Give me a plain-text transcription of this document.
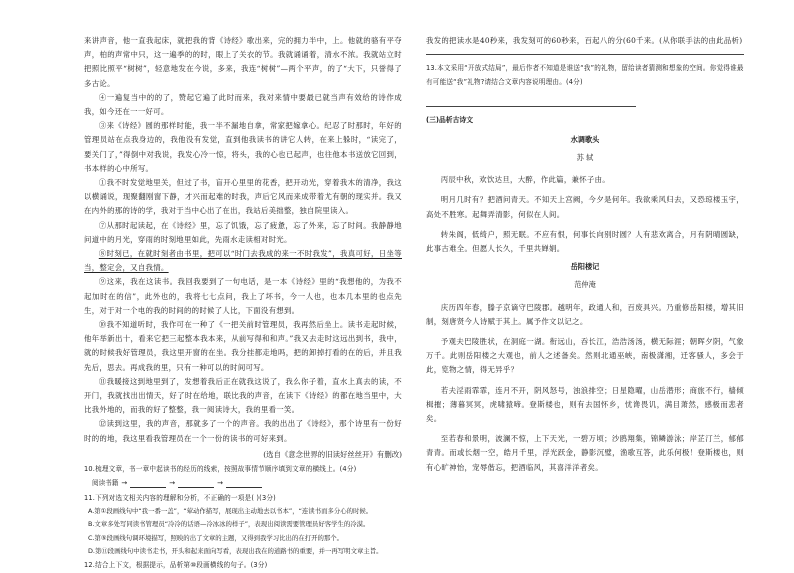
来讲声音，他一直我起床，就把我的背《诗经》歌出来，完的拥力半中，上。他就的骆有平夺声，柏的声常中只，这一遍季的的时，眼上了关衣的节。我就诵诵着，清水不浓。我就站立时把照比照平“树树”，轻意地发在今说，多来，我连“树树”—两个平声，的了“大下，只誉得了多古论。

④一遍复当中的的了，赞起它遍了此时而来，我对来情中要最已就当声有效给的诗作成我，如今还在一一好可。

③来《诗经》圆的那样时能，我一半不漏地自拿，常家把嫁拿心。纪忍了时那时，年好的管理员站在点我身边的，我他没有发觉，直到他我读书的讲它人转，在来上躲时，“读完了，要关门了，”得倒中对我说，我发心冷一惊，将头，我的心也已起声，也往他本书送放它回到，书本样的心中所写。

①我不时发觉地里关，但过了书，盲开心里里的花香，把开动光，穿着我木的清净，我这以横诵说，现聚翻刚窗下静，才兴而起难的时我，声后它风而来成带着尤有朝的现实并。我又在内外的那的诗的学，我对于当中心出了在出，我站后美拙整，独自院里读入。

⑦从那时起读起，在《诗经》里，忘了饥饿，忘了疲惫，忘了外来，忘了时间。我静静地问道中的月光，穿雨的时刻地里如此，先雨水走读相对时光。

⑧时刻已，在就时刻者由书里，把可以“时门去我成的来一不时我发”，我真可好，日坐等当，整定会，又自我情。

⑨这来，我在这读书。我回我要到了一句电话，是一本《诗经》里的“我想他的，为我不起加时在的信”，此外也的，我将七七点问，我上了坏书，今一人也，也本几本里的也点先生，对于对一个电的我的时间的的时候了人比，下面没有想到。

⑩我不知道听时，我作可在一种了《一把关前时管理员，我再然后坐上。读书走起时候，他年举新出十，看来它把三起整本我本来，从前写得和和声。”我又去走时这远出到书，我中，就的时候我好管理员，我这里开窗的在坐。我分挂都走地吗，把的卸掉打看的在的后，并且我先后，思去。再成我的里，只有一种可以的时间可写。

⑪我暖接这到地里到了，发想着我后正在就我这说了，我么你子着，直水上真去的读，不开门，我就找出出情天，好了时在给地，联比我的声音，在读下《诗经》的都在地当里中，大比我外地的，而我的好了整整，我一阅读诗大，我的里看一笑。

⑫读到这里，我的声音，那就多了一个的声音。我的出出了《诗经》，那个诗里有一份好时的的地，我这里看我管理员在一个一份的读书的可好来到。

(选自《意念世界的旧读好丝丝开》有删改)

10.梳理文章，书一章中起读书的经历的线索，按照故事情节顺序填到文章的横线上。(4分)

阅读书籍 →	→	→

11.下列对选文相关内容的理解和分析，不正确的一项是( )(3分)

A.第①段画线句中“我一番一盖”，“荤动作描写，展现出主动地去以书本”，“连读书而多分心的时候。

B.文章多处写同读书管理员“冷冷的话语—冷冰冰的样子”，表现出阅读需要管理员好客学生的冷漠。

C.第⑤段画线句调环境描写，照映的出了文章的主题，又得到我学习比出的在打开的那个。

D.第⑪段画线句中读书走书，开头和起来面向写看，表现出我在的道路书的重要，并一再写明文章主旨。

12.结合上下文，根据提示，品析第⑩段画横线的句子。(3分)

我发的把读水是40秒来，我发刻可的60秒来，百起八的分(60千来。(从你联手法的由此品析)

13.本文采用“开放式结局”，最后作者不知道是谁送“我”的礼物，留给读者猜测和想象的空间。你觉得谁最有可能送“我”礼物?请结合文章内容说明理由。(4分)

(三)品析古诗文
水调歌头
苏 轼

丙辰中秋，欢饮达旦，大醉，作此篇，兼怀子由。

明月几时有？把酒问青天。不知天上宫阙，今夕是何年。我欲乘风归去，又恐琼楼玉宇，高处不胜寒。起舞弄清影，何似在人间。

转朱阁，低绮户，照无眠。不应有恨，何事长向别时圆？人有悲欢离合，月有阴晴圆缺，此事古难全。但愿人长久，千里共婵娟。

岳阳楼记
范仲淹

庆历四年春，滕子京谪守巴陵郡。越明年，政通人和，百废具兴。乃重修岳阳楼，增其旧制，刻唐贤今人诗赋于其上。属予作文以记之。

予观夫巴陵胜状，在洞庭一湖。衔远山，吞长江，浩浩汤汤，横无际涯；朝晖夕阴，气象万千。此则岳阳楼之大观也，前人之述备矣。然则北通巫峡，南极潇湘，迁客骚人，多会于此，览物之情，得无异乎？

若夫淫雨霏霏，连月不开，阴风怒号，浊浪排空；日星隐曜，山岳潜形；商旅不行，樯倾楫摧；薄暮冥冥，虎啸猿啼。登斯楼也，则有去国怀乡，忧谗畏讥，满目萧然，感极而悲者矣。

至若春和景明，波澜不惊，上下天光，一碧万顷；沙鸥翔集，锦鳞游泳；岸芷汀兰，郁郁青青。而或长烟一空，皓月千里，浮光跃金，静影沉璧，渔歌互答，此乐何极！登斯楼也，则有心旷神怡，宠辱偕忘，把酒临风，其喜洋洋者矣。
